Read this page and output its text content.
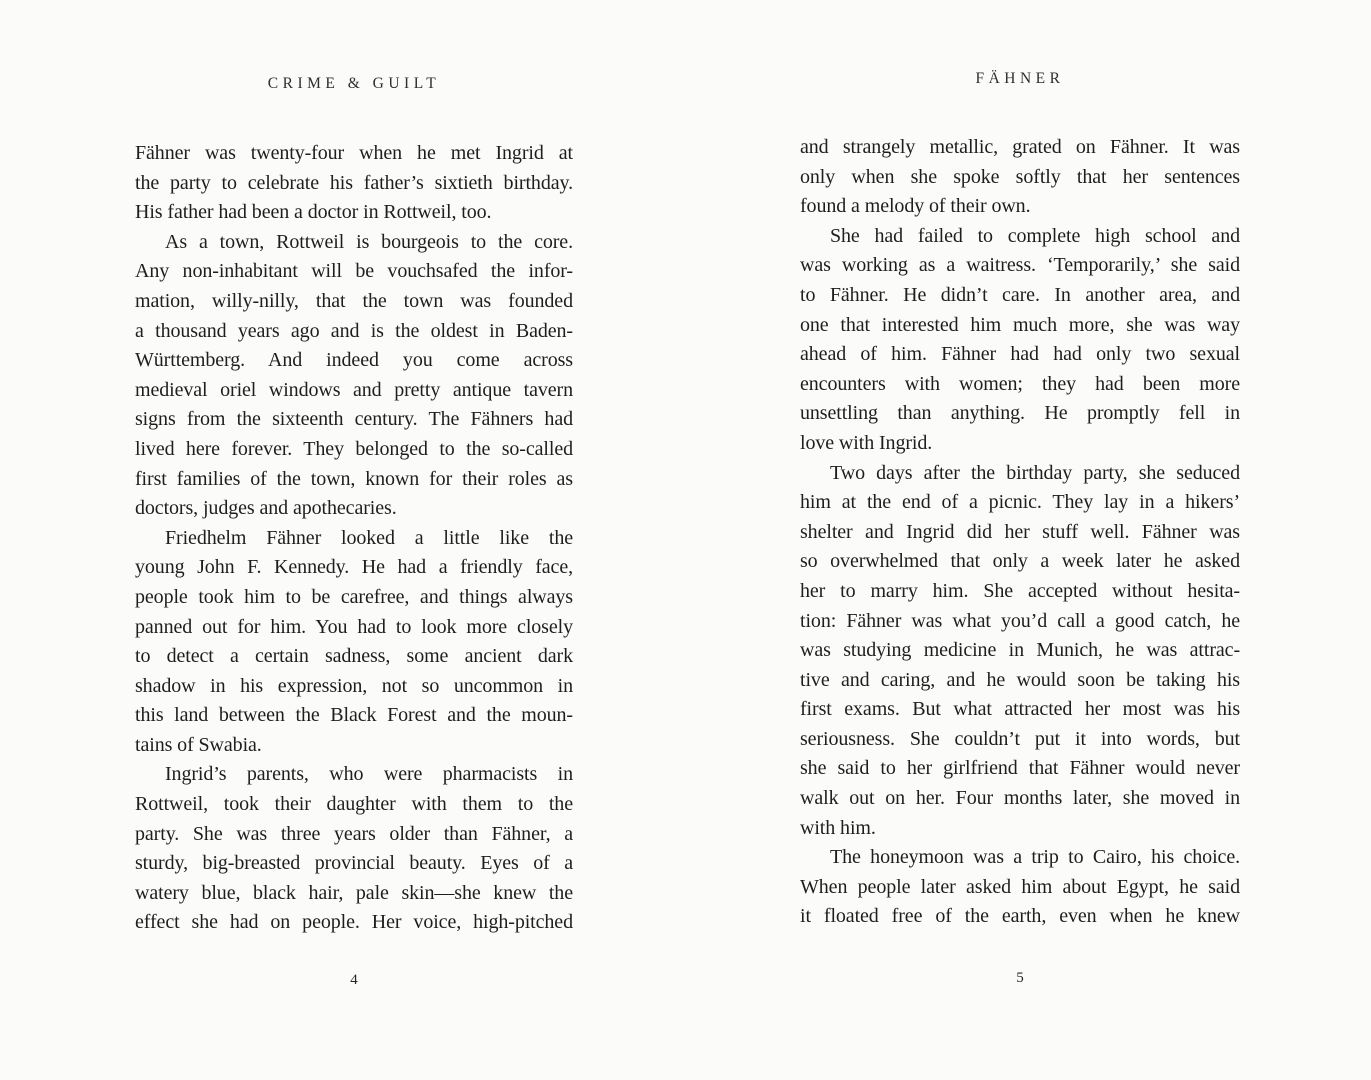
CRIME & GUILT
Fähner was twenty-four when he met Ingrid at
the party to celebrate his father’s sixtieth birthday.
His father had been a doctor in Rottweil, too.
As a town, Rottweil is bourgeois to the core.
Any non-inhabitant will be vouchsafed the infor-
mation, willy-nilly, that the town was founded
a thousand years ago and is the oldest in Baden-
Württemberg. And indeed you come across
medieval oriel windows and pretty antique tavern
signs from the sixteenth century. The Fähners had
lived here forever. They belonged to the so-called
first families of the town, known for their roles as
doctors, judges and apothecaries.
Friedhelm Fähner looked a little like the
young John F. Kennedy. He had a friendly face,
people took him to be carefree, and things always
panned out for him. You had to look more closely
to detect a certain sadness, some ancient dark
shadow in his expression, not so uncommon in
this land between the Black Forest and the moun-
tains of Swabia.
Ingrid’s parents, who were pharmacists in
Rottweil, took their daughter with them to the
party. She was three years older than Fähner, a
sturdy, big-breasted provincial beauty. Eyes of a
watery blue, black hair, pale skin—she knew the
effect she had on people. Her voice, high-pitched
4
FÄHNER
and strangely metallic, grated on Fähner. It was
only when she spoke softly that her sentences
found a melody of their own.
She had failed to complete high school and
was working as a waitress. ‘Temporarily,’ she said
to Fähner. He didn’t care. In another area, and
one that interested him much more, she was way
ahead of him. Fähner had had only two sexual
encounters with women; they had been more
unsettling than anything. He promptly fell in
love with Ingrid.
Two days after the birthday party, she seduced
him at the end of a picnic. They lay in a hikers’
shelter and Ingrid did her stuff well. Fähner was
so overwhelmed that only a week later he asked
her to marry him. She accepted without hesita-
tion: Fähner was what you’d call a good catch, he
was studying medicine in Munich, he was attrac-
tive and caring, and he would soon be taking his
first exams. But what attracted her most was his
seriousness. She couldn’t put it into words, but
she said to her girlfriend that Fähner would never
walk out on her. Four months later, she moved in
with him.
The honeymoon was a trip to Cairo, his choice.
When people later asked him about Egypt, he said
it floated free of the earth, even when he knew
5
